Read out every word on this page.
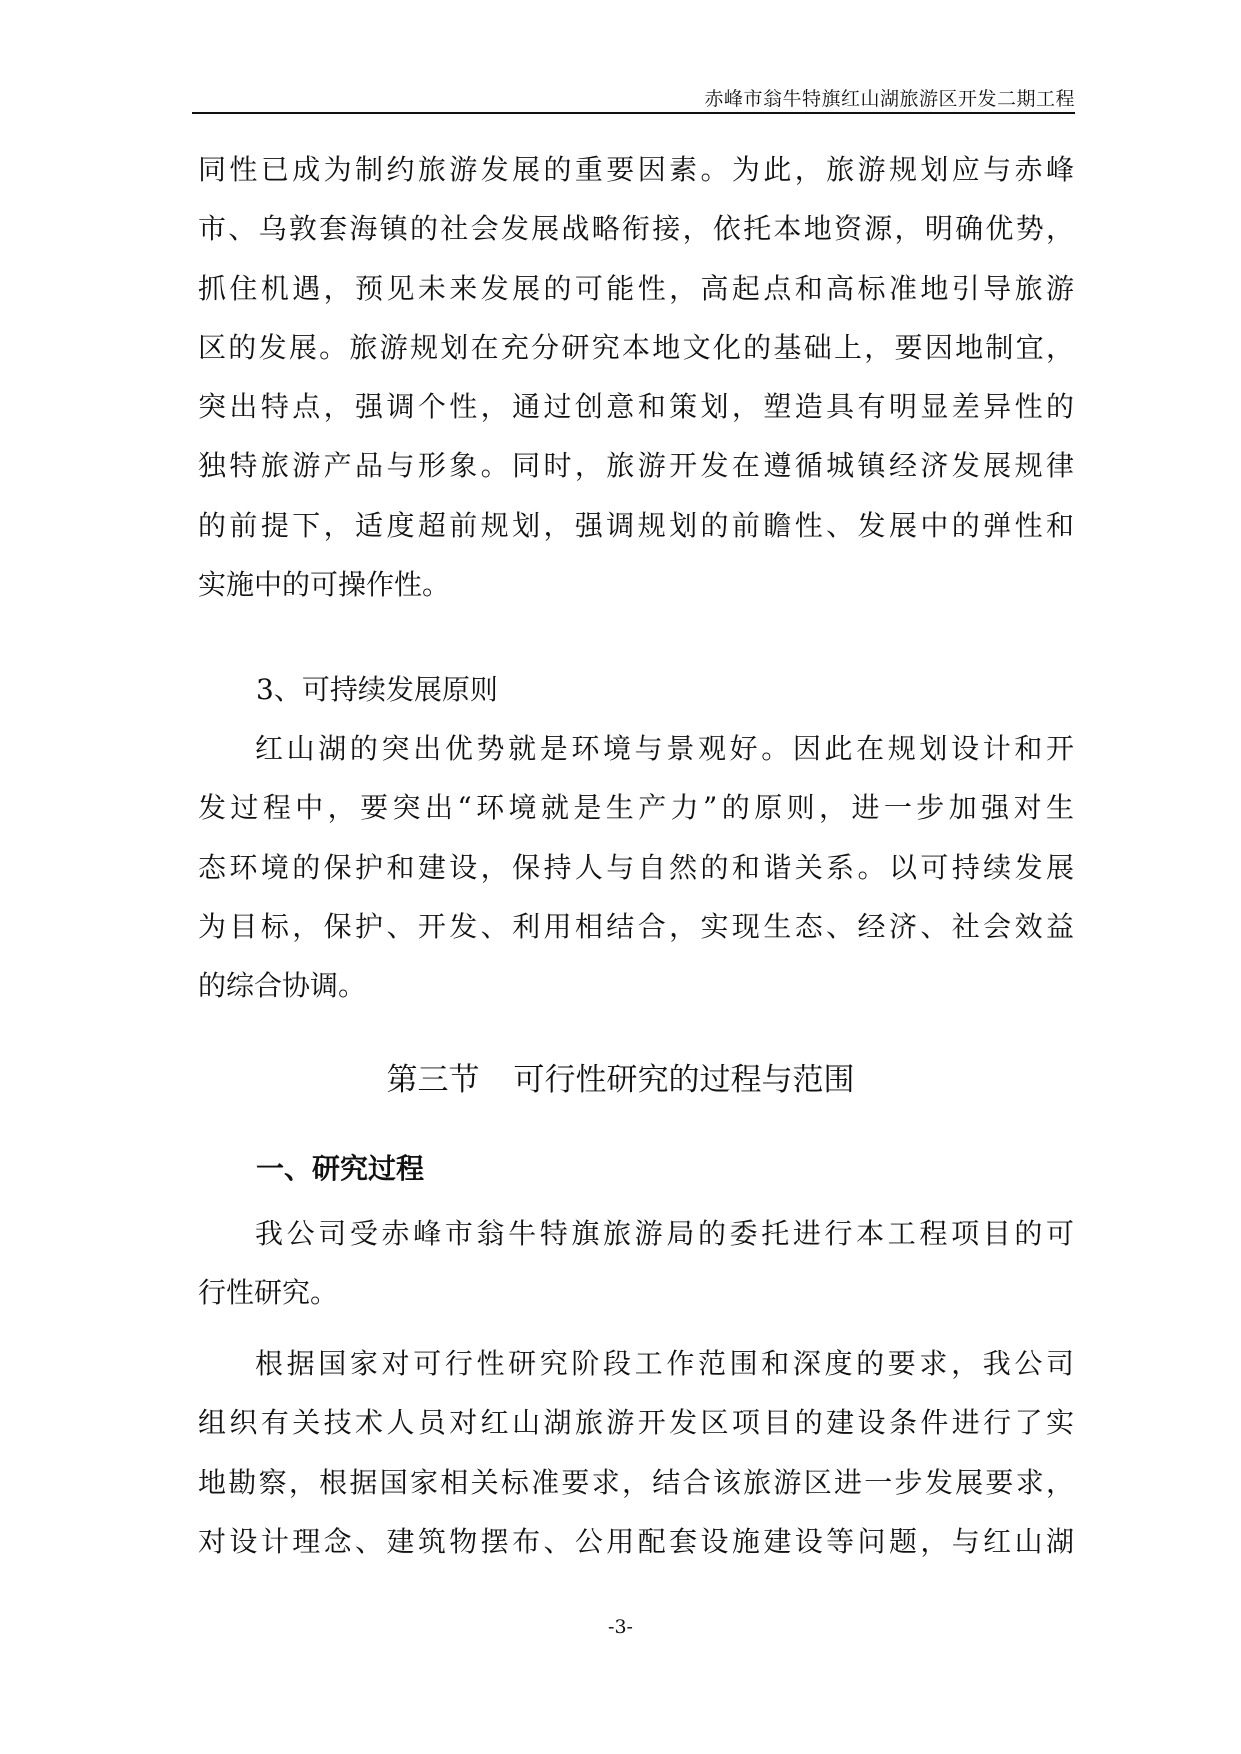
赤峰市翁牛特旗红山湖旅游区开发二期工程
同性已成为制约旅游发展的重要因素。为此，旅游规划应与赤峰
市、乌敦套海镇的社会发展战略衔接，依托本地资源，明确优势，
抓住机遇，预见未来发展的可能性，高起点和高标准地引导旅游
区的发展。旅游规划在充分研究本地文化的基础上，要因地制宜，
突出特点，强调个性，通过创意和策划，塑造具有明显差异性的
独特旅游产品与形象。同时，旅游开发在遵循城镇经济发展规律
的前提下，适度超前规划，强调规划的前瞻性、发展中的弹性和
实施中的可操作性。
3、可持续发展原则
红山湖的突出优势就是环境与景观好。因此在规划设计和开
发过程中，要突出“环境就是生产力”的原则，进一步加强对生
态环境的保护和建设，保持人与自然的和谐关系。以可持续发展
为目标，保护、开发、利用相结合，实现生态、经济、社会效益
的综合协调。
第三节 可行性研究的过程与范围
一、研究过程
我公司受赤峰市翁牛特旗旅游局的委托进行本工程项目的可
行性研究。
根据国家对可行性研究阶段工作范围和深度的要求，我公司
组织有关技术人员对红山湖旅游开发区项目的建设条件进行了实
地勘察，根据国家相关标准要求，结合该旅游区进一步发展要求，
对设计理念、建筑物摆布、公用配套设施建设等问题，与红山湖
-3-
